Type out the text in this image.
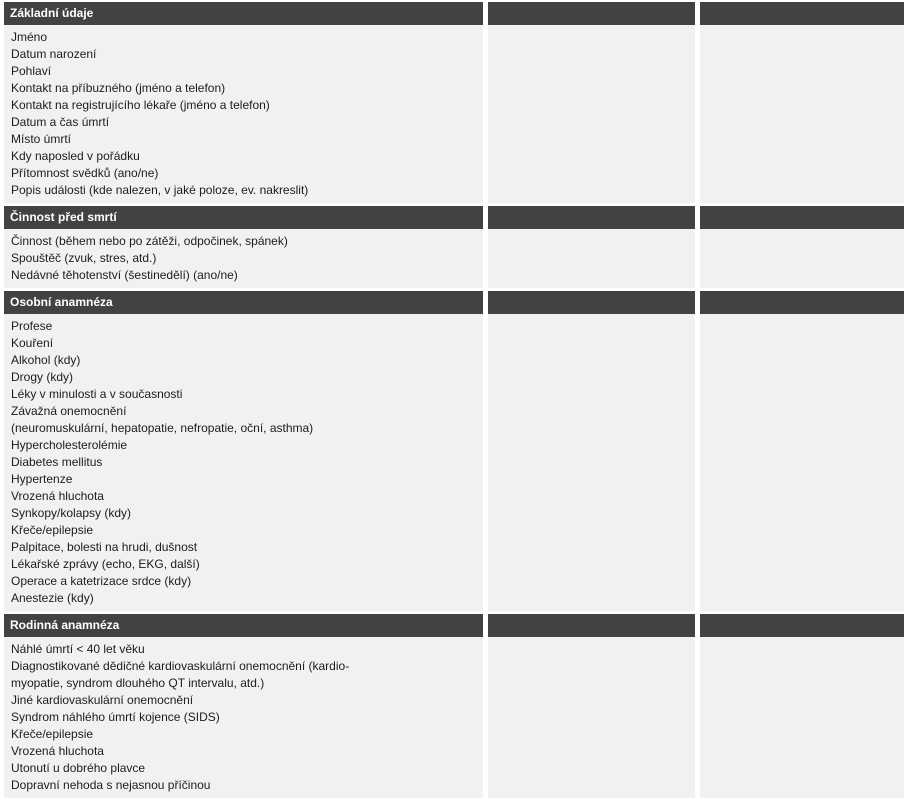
Základní údaje
Jméno
Datum narození
Pohlaví
Kontakt na příbuzného (jméno a telefon)
Kontakt na registrujícího lékaře (jméno a telefon)
Datum a čas úmrtí
Místo úmrtí
Kdy naposled v pořádku
Přítomnost svědků (ano/ne)
Popis události (kde nalezen, v jaké poloze, ev. nakreslit)
Činnost před smrtí
Činnost (během nebo po zátěži, odpočinek, spánek)
Spouštěč (zvuk, stres, atd.)
Nedávné těhotenství (šestinedělí) (ano/ne)
Osobní anamnéza
Profese
Kouření
Alkohol (kdy)
Drogy (kdy)
Léky v minulosti a v současnosti
Závažná onemocnění
(neuromuskulární, hepatopatie, nefropatie, oční, asthma)
Hypercholesterolémie
Diabetes mellitus
Hypertenze
Vrozená hluchota
Synkopy/kolapsy (kdy)
Křeče/epilepsie
Palpitace, bolesti na hrudi, dušnost
Lékařské zprávy (echo, EKG, další)
Operace a katetrizace srdce (kdy)
Anestezie (kdy)
Rodinná anamnéza
Náhlé úmrtí < 40 let věku
Diagnostikované dědičné kardiovaskulární onemocnění (kardio-
myopatie, syndrom dlouhého QT intervalu, atd.)
Jiné kardiovaskulární onemocnění
Syndrom náhlého úmrtí kojence (SIDS)
Křeče/epilepsie
Vrozená hluchota
Utonutí u dobrého plavce
Dopravní nehoda s nejasnou příčinou
